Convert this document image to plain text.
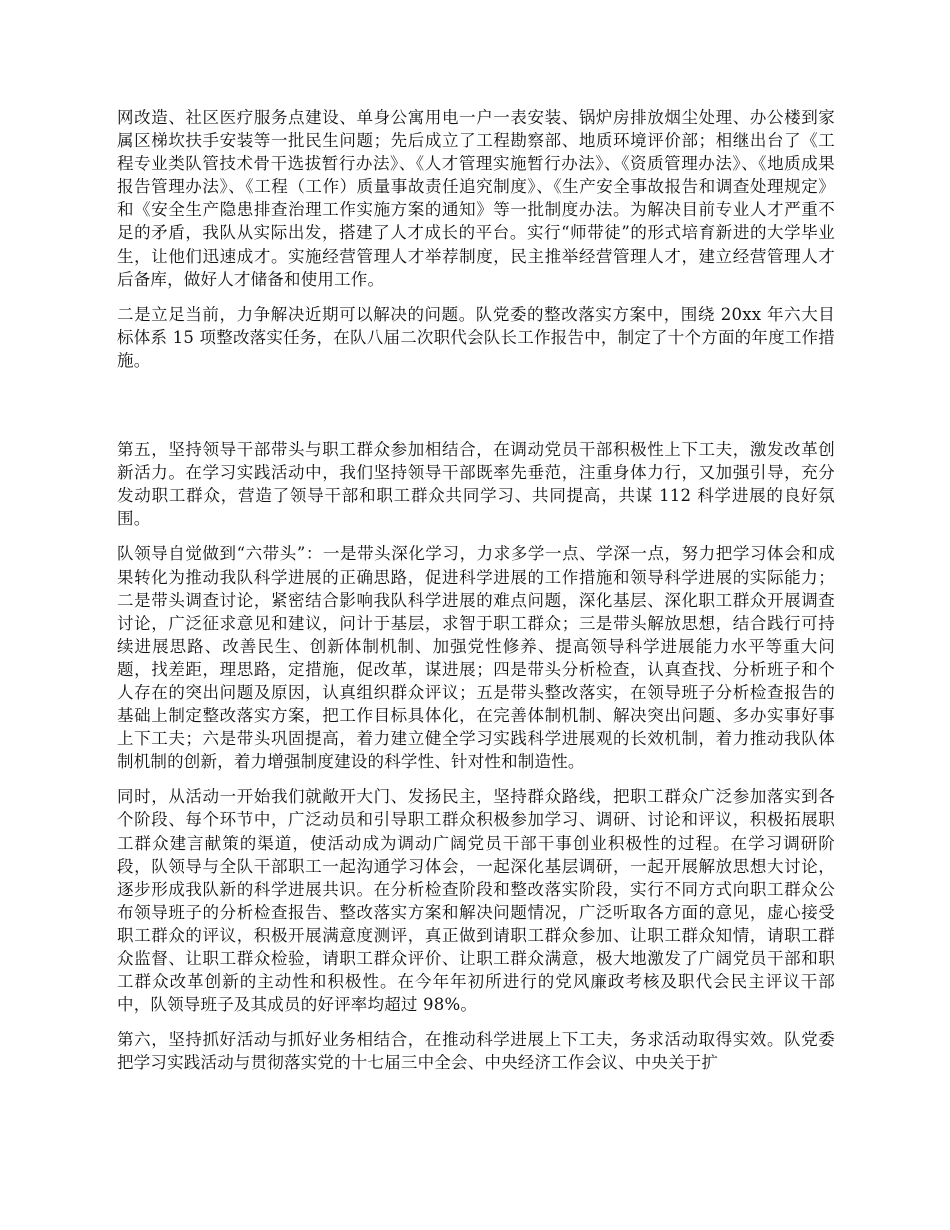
网改造、社区医疗服务点建设、单身公寓用电一户一表安装、锅炉房排放烟尘处理、办公楼到家属区梯坎扶手安装等一批民生问题；先后成立了工程勘察部、地质环境评价部；相继出台了《工程专业类队管技术骨干选拔暂行办法》、《人才管理实施暂行办法》、《资质管理办法》、《地质成果报告管理办法》、《工程（工作）质量事故责任追究制度》、《生产安全事故报告和调查处理规定》和《安全生产隐患排查治理工作实施方案的通知》等一批制度办法。为解决目前专业人才严重不足的矛盾，我队从实际出发，搭建了人才成长的平台。实行“师带徒”的形式培育新进的大学毕业生，让他们迅速成才。实施经营管理人才举荐制度，民主推举经营管理人才，建立经营管理人才后备库，做好人才储备和使用工作。

二是立足当前，力争解决近期可以解决的问题。队党委的整改落实方案中，围绕 20xx 年六大目标体系 15 项整改落实任务，在队八届二次职代会队长工作报告中，制定了十个方面的年度工作措施。

第五，坚持领导干部带头与职工群众参加相结合，在调动党员干部积极性上下工夫，激发改革创新活力。在学习实践活动中，我们坚持领导干部既率先垂范，注重身体力行，又加强引导，充分发动职工群众，营造了领导干部和职工群众共同学习、共同提高，共谋 112 科学进展的良好氛围。

队领导自觉做到“六带头”：一是带头深化学习，力求多学一点、学深一点，努力把学习体会和成果转化为推动我队科学进展的正确思路，促进科学进展的工作措施和领导科学进展的实际能力；二是带头调查讨论，紧密结合影响我队科学进展的难点问题，深化基层、深化职工群众开展调查讨论，广泛征求意见和建议，问计于基层，求智于职工群众；三是带头解放思想，结合践行可持续进展思路、改善民生、创新体制机制、加强党性修养、提高领导科学进展能力水平等重大问题，找差距，理思路，定措施，促改革，谋进展；四是带头分析检查，认真查找、分析班子和个人存在的突出问题及原因，认真组织群众评议；五是带头整改落实，在领导班子分析检查报告的基础上制定整改落实方案，把工作目标具体化，在完善体制机制、解决突出问题、多办实事好事上下工夫；六是带头巩固提高，着力建立健全学习实践科学进展观的长效机制，着力推动我队体制机制的创新，着力增强制度建设的科学性、针对性和制造性。

同时，从活动一开始我们就敞开大门、发扬民主，坚持群众路线，把职工群众广泛参加落实到各个阶段、每个环节中，广泛动员和引导职工群众积极参加学习、调研、讨论和评议，积极拓展职工群众建言献策的渠道，使活动成为调动广阔党员干部干事创业积极性的过程。在学习调研阶段，队领导与全队干部职工一起沟通学习体会，一起深化基层调研，一起开展解放思想大讨论，逐步形成我队新的科学进展共识。在分析检查阶段和整改落实阶段，实行不同方式向职工群众公布领导班子的分析检查报告、整改落实方案和解决问题情况，广泛听取各方面的意见，虚心接受职工群众的评议，积极开展满意度测评，真正做到请职工群众参加、让职工群众知情，请职工群众监督、让职工群众检验，请职工群众评价、让职工群众满意，极大地激发了广阔党员干部和职工群众改革创新的主动性和积极性。在今年年初所进行的党风廉政考核及职代会民主评议干部中，队领导班子及其成员的好评率均超过 98%。

第六，坚持抓好活动与抓好业务相结合，在推动科学进展上下工夫，务求活动取得实效。队党委把学习实践活动与贯彻落实党的十七届三中全会、中央经济工作会议、中央关于扩
